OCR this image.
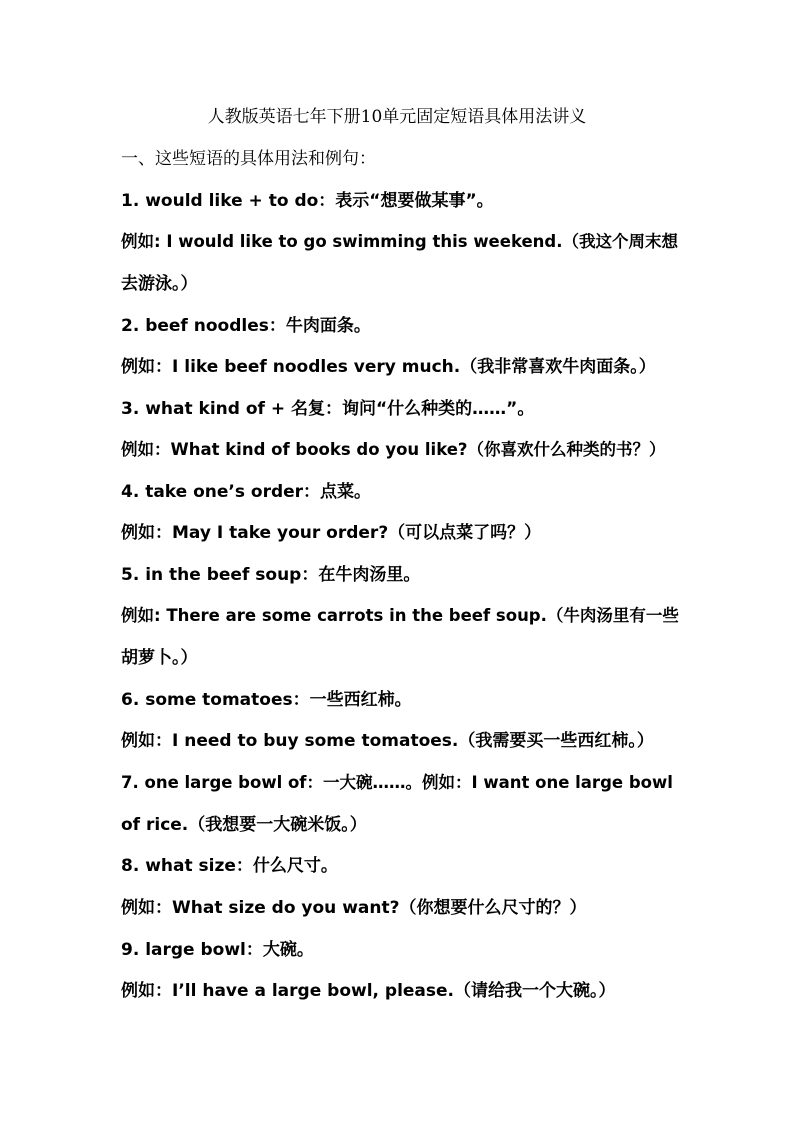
人教版英语七年下册10单元固定短语具体用法讲义
一、这些短语的具体用法和例句：
1. would like + to do：表示“想要做某事”。
例如: I would like to go swimming this weekend.（我这个周末想
去游泳。）
2. beef noodles：牛肉面条。
例如：I like beef noodles very much.（我非常喜欢牛肉面条。）
3. what kind of + 名复：询问“什么种类的……”。
例如：What kind of books do you like?（你喜欢什么种类的书？）
4. take one’s order：点菜。
例如：May I take your order?（可以点菜了吗？）
5. in the beef soup：在牛肉汤里。
例如: There are some carrots in the beef soup.（牛肉汤里有一些
胡萝卜。）
6. some tomatoes：一些西红柿。
例如：I need to buy some tomatoes.（我需要买一些西红柿。）
7. one large bowl of：一大碗……。例如：I want one large bowl
of rice.（我想要一大碗米饭。）
8. what size：什么尺寸。
例如：What size do you want?（你想要什么尺寸的？）
9. large bowl：大碗。
例如：I’ll have a large bowl, please.（请给我一个大碗。）
